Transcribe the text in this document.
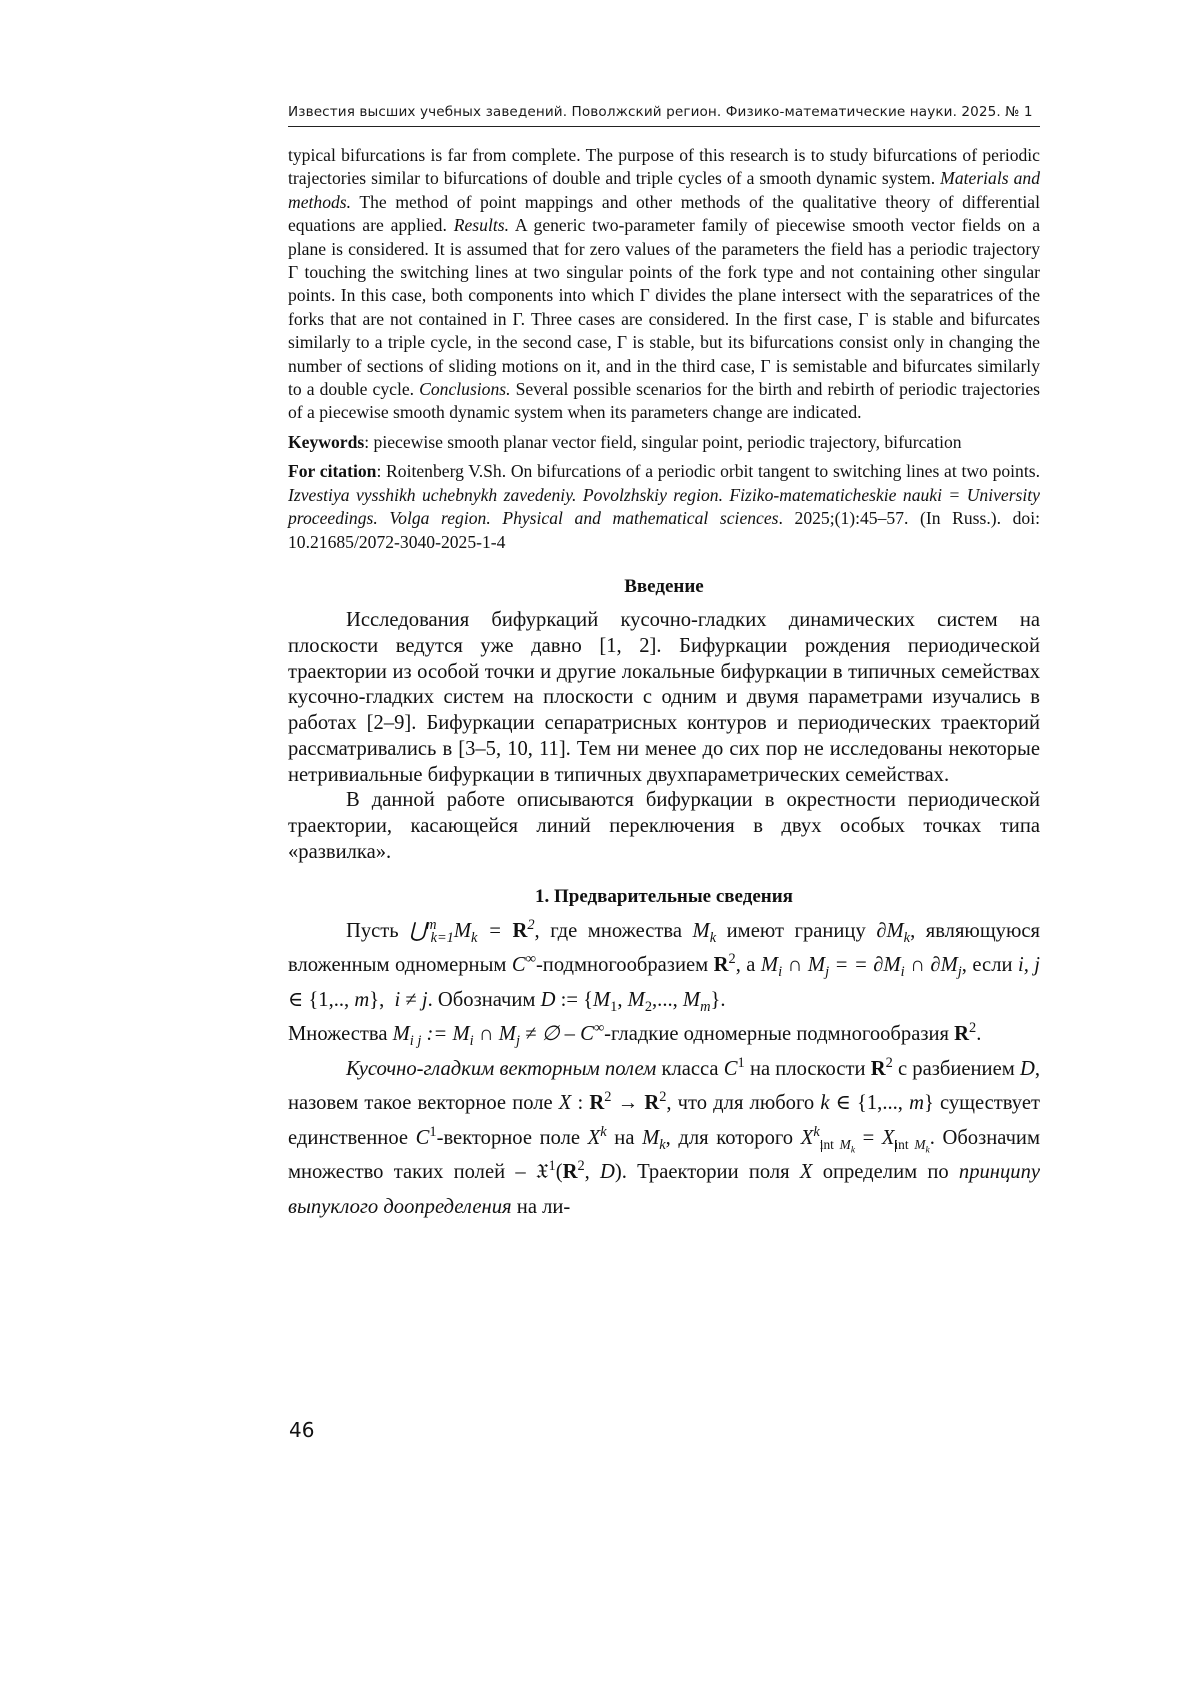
Известия высших учебных заведений. Поволжский регион. Физико-математические науки. 2025. № 1

typical bifurcations is far from complete. The purpose of this research is to study bifurcations of periodic trajectories similar to bifurcations of double and triple cycles of a smooth dynamic system. Materials and methods. The method of point mappings and other methods of the qualitative theory of differential equations are applied. Results. A generic two-parameter family of piecewise smooth vector fields on a plane is considered. It is assumed that for zero values of the parameters the field has a periodic trajectory Γ touching the switching lines at two singular points of the fork type and not containing other singular points. In this case, both components into which Γ divides the plane intersect with the separatrices of the forks that are not contained in Γ. Three cases are considered. In the first case, Γ is stable and bifurcates similarly to a triple cycle, in the second case, Γ is stable, but its bifurcations consist only in changing the number of sections of sliding motions on it, and in the third case, Γ is semistable and bifurcates similarly to a double cycle. Conclusions. Several possible scenarios for the birth and rebirth of periodic trajectories of a piecewise smooth dynamic system when its parameters change are indicated.

Keywords: piecewise smooth planar vector field, singular point, periodic trajectory, bifurcation

For citation: Roitenberg V.Sh. On bifurcations of a periodic orbit tangent to switching lines at two points. Izvestiya vysshikh uchebnykh zavedeniy. Povolzhskiy region. Fiziko-matematicheskie nauki = University proceedings. Volga region. Physical and mathematical sciences. 2025;(1):45–57. (In Russ.). doi: 10.21685/2072-3040-2025-1-4

Введение

Исследования бифуркаций кусочно-гладких динамических систем на плоскости ведутся уже давно [1, 2]. Бифуркации рождения периодической траектории из особой точки и другие локальные бифуркации в типичных семействах кусочно-гладких систем на плоскости с одним и двумя параметрами изучались в работах [2–9]. Бифуркации сепаратрисных контуров и периодических траекторий рассматривались в [3–5, 10, 11]. Тем ни менее до сих пор не исследованы некоторые нетривиальные бифуркации в типичных двухпараметрических семействах.

В данной работе описываются бифуркации в окрестности периодической траектории, касающейся линий переключения в двух особых точках типа «развилка».

1. Предварительные сведения

Пусть $⋃^m_{k=1}M_k = R^2$, где множества $M_k$ имеют границу $\partial M_k$, являющуюся вложенным одномерным C∞-подмногообразием $R^2$, а $M_i$ ∩ $M_j$ = = $\partial M_i$ ∩ $\partial M_j$, если i, j ∈ {1,.., m},  i ≠ j. Обозначим D := {$M_1$, $M_2$,..., $M_m$}.

Множества $M_{i j}$ := $M_i$ ∩ $M_j$ ≠ ∅ – C∞-гладкие одномерные подмногообразия $R^2$.

Кусочно-гладким векторным полем класса $C^1$ на плоскости $R^2$ с разбиением D, назовем такое векторное поле X : $R^2 \to R^2$, что для любого k ∈ {1,..., m} существует единственное $C^1$-векторное поле $X^k$ на $M_k$, для которого $X^k_{int M_k} = X_{int M_k}$. Обозначим множество таких полей – $𝔛^1(R^2$, D). Траектории поля X определим по принципу выпуклого доопределения на ли-

46
